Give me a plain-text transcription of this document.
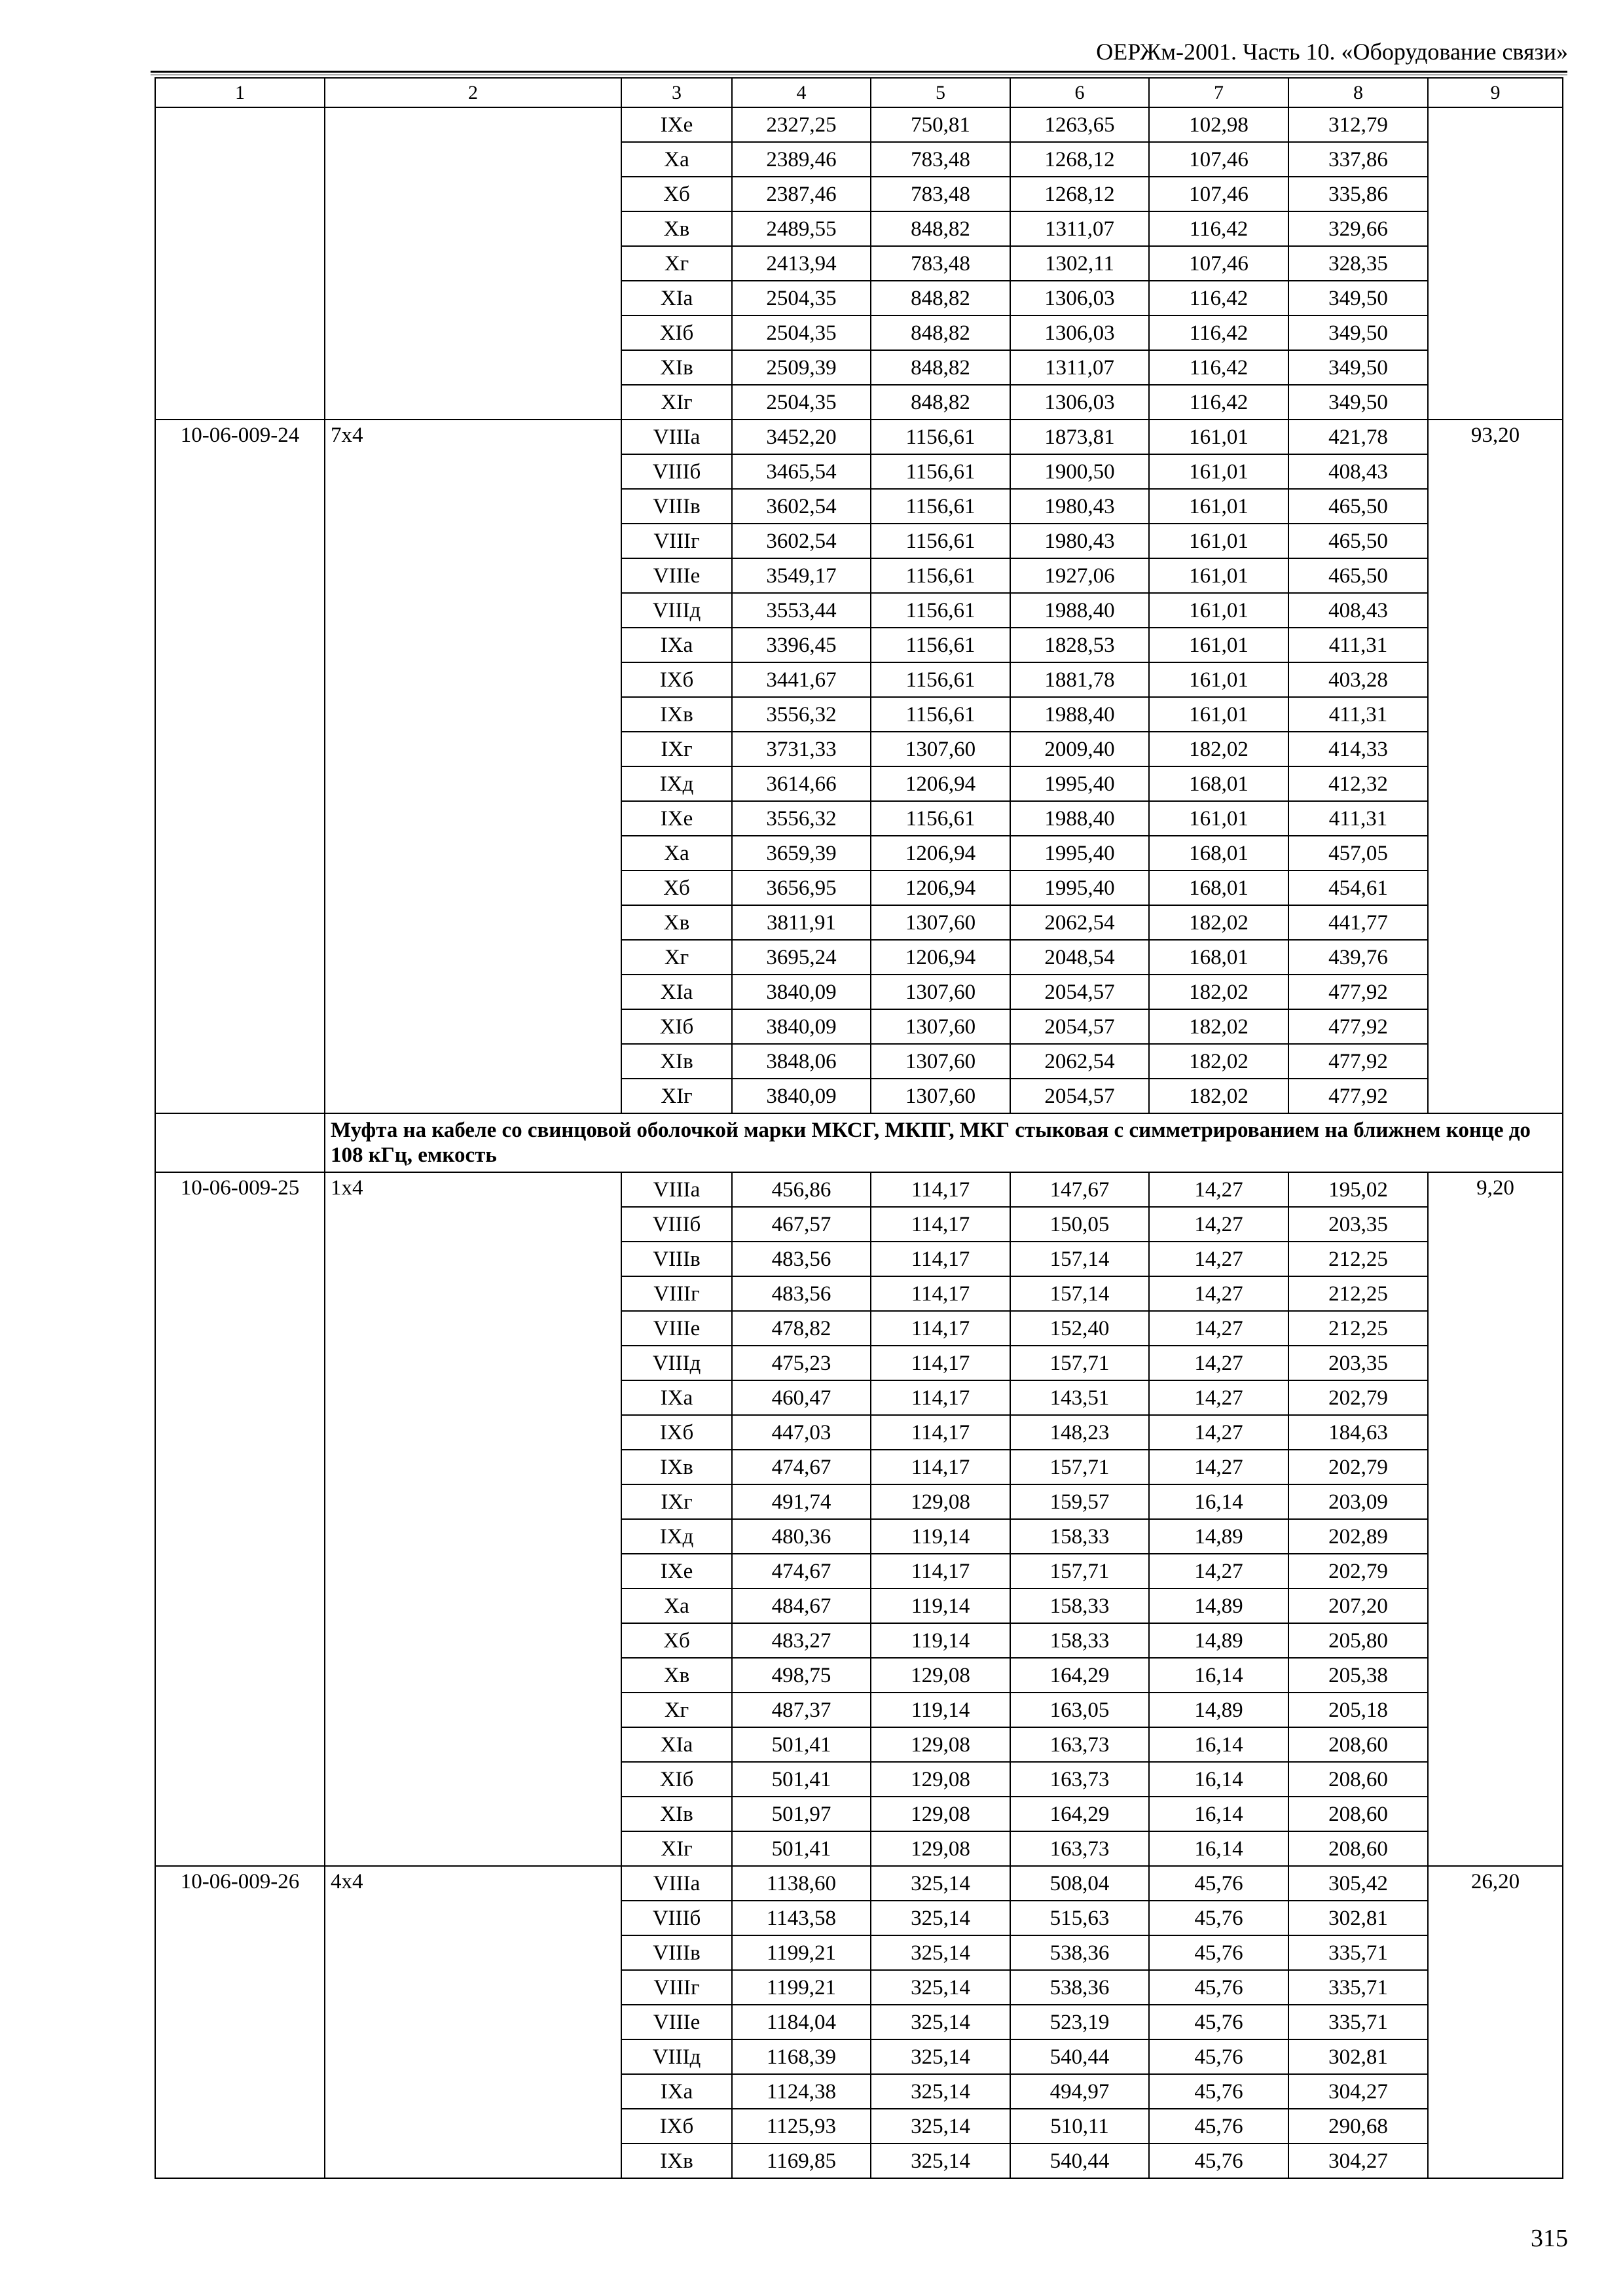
ОЕРЖм-2001. Часть 10. «Оборудование связи»
1	2	3	4	5	6	7	8	9
		IXе	2327,25	750,81	1263,65	102,98	312,79	
		Xа	2389,46	783,48	1268,12	107,46	337,86	
		Xб	2387,46	783,48	1268,12	107,46	335,86	
		Xв	2489,55	848,82	1311,07	116,42	329,66	
		Xг	2413,94	783,48	1302,11	107,46	328,35	
		XIа	2504,35	848,82	1306,03	116,42	349,50	
		XIб	2504,35	848,82	1306,03	116,42	349,50	
		XIв	2509,39	848,82	1311,07	116,42	349,50	
		XIг	2504,35	848,82	1306,03	116,42	349,50	
10-06-009-24	7х4	VIIIа	3452,20	1156,61	1873,81	161,01	421,78	93,20
		VIIIб	3465,54	1156,61	1900,50	161,01	408,43	
		VIIIв	3602,54	1156,61	1980,43	161,01	465,50	
		VIIIг	3602,54	1156,61	1980,43	161,01	465,50	
		VIIIе	3549,17	1156,61	1927,06	161,01	465,50	
		VIIIд	3553,44	1156,61	1988,40	161,01	408,43	
		IXа	3396,45	1156,61	1828,53	161,01	411,31	
		IXб	3441,67	1156,61	1881,78	161,01	403,28	
		IXв	3556,32	1156,61	1988,40	161,01	411,31	
		IXг	3731,33	1307,60	2009,40	182,02	414,33	
		IXд	3614,66	1206,94	1995,40	168,01	412,32	
		IXе	3556,32	1156,61	1988,40	161,01	411,31	
		Xа	3659,39	1206,94	1995,40	168,01	457,05	
		Xб	3656,95	1206,94	1995,40	168,01	454,61	
		Xв	3811,91	1307,60	2062,54	182,02	441,77	
		Xг	3695,24	1206,94	2048,54	168,01	439,76	
		XIа	3840,09	1307,60	2054,57	182,02	477,92	
		XIб	3840,09	1307,60	2054,57	182,02	477,92	
		XIв	3848,06	1307,60	2062,54	182,02	477,92	
		XIг	3840,09	1307,60	2054,57	182,02	477,92	
	Муфта на кабеле со свинцовой оболочкой марки МКСГ, МКПГ, МКГ стыковая с симметрированием на ближнем конце до 108 кГц, емкость							
10-06-009-25	1х4	VIIIа	456,86	114,17	147,67	14,27	195,02	9,20
		VIIIб	467,57	114,17	150,05	14,27	203,35	
		VIIIв	483,56	114,17	157,14	14,27	212,25	
		VIIIг	483,56	114,17	157,14	14,27	212,25	
		VIIIе	478,82	114,17	152,40	14,27	212,25	
		VIIIд	475,23	114,17	157,71	14,27	203,35	
		IXа	460,47	114,17	143,51	14,27	202,79	
		IXб	447,03	114,17	148,23	14,27	184,63	
		IXв	474,67	114,17	157,71	14,27	202,79	
		IXг	491,74	129,08	159,57	16,14	203,09	
		IXд	480,36	119,14	158,33	14,89	202,89	
		IXе	474,67	114,17	157,71	14,27	202,79	
		Xа	484,67	119,14	158,33	14,89	207,20	
		Xб	483,27	119,14	158,33	14,89	205,80	
		Xв	498,75	129,08	164,29	16,14	205,38	
		Xг	487,37	119,14	163,05	14,89	205,18	
		XIа	501,41	129,08	163,73	16,14	208,60	
		XIб	501,41	129,08	163,73	16,14	208,60	
		XIв	501,97	129,08	164,29	16,14	208,60	
		XIг	501,41	129,08	163,73	16,14	208,60	
10-06-009-26	4х4	VIIIа	1138,60	325,14	508,04	45,76	305,42	26,20
		VIIIб	1143,58	325,14	515,63	45,76	302,81	
		VIIIв	1199,21	325,14	538,36	45,76	335,71	
		VIIIг	1199,21	325,14	538,36	45,76	335,71	
		VIIIе	1184,04	325,14	523,19	45,76	335,71	
		VIIIд	1168,39	325,14	540,44	45,76	302,81	
		IXа	1124,38	325,14	494,97	45,76	304,27	
		IXб	1125,93	325,14	510,11	45,76	290,68	
		IXв	1169,85	325,14	540,44	45,76	304,27	
315
